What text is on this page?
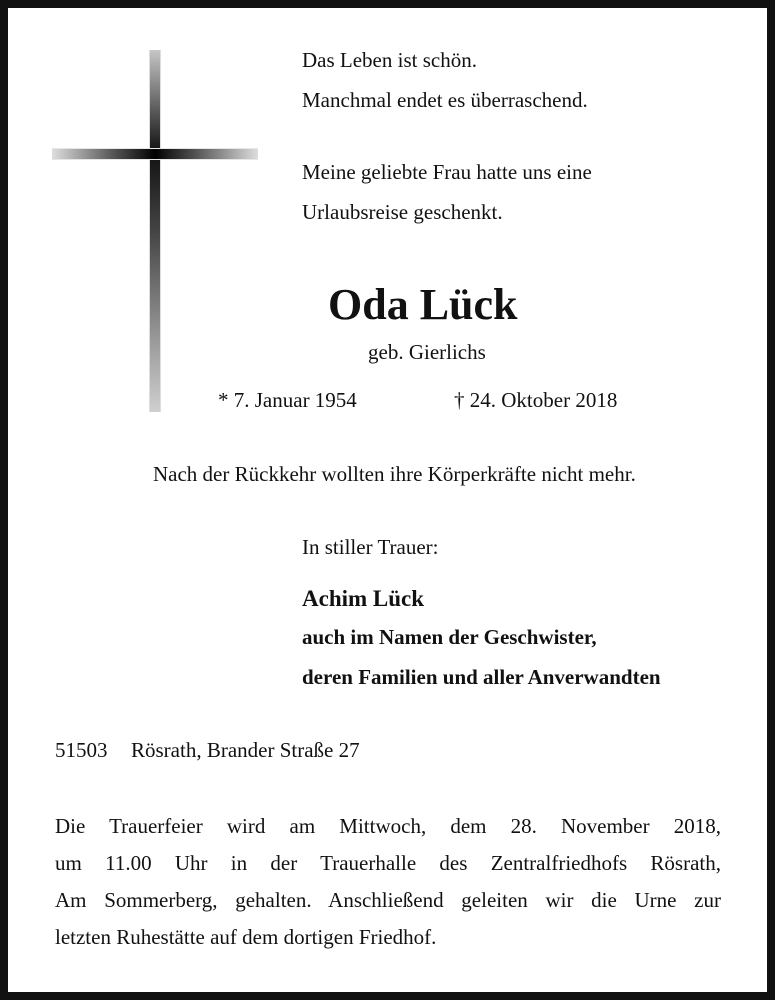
Das Leben ist schön.
Manchmal endet es überraschend.
Meine geliebte Frau hatte uns eine
Urlaubsreise geschenkt.
Oda Lück
geb. Gierlichs
* 7. Januar 1954	† 24. Oktober 2018
Nach der Rückkehr wollten ihre Körperkräfte nicht mehr.
In stiller Trauer:
Achim Lück
auch im Namen der Geschwister,
deren Familien und aller Anverwandten
51503 Rösrath, Brander Straße 27
Die Trauerfeier wird am Mittwoch, dem 28. November 2018,
um 11.00 Uhr in der Trauerhalle des Zentralfriedhofs Rösrath,
Am Sommerberg, gehalten. Anschließend geleiten wir die Urne zur
letzten Ruhestätte auf dem dortigen Friedhof.
